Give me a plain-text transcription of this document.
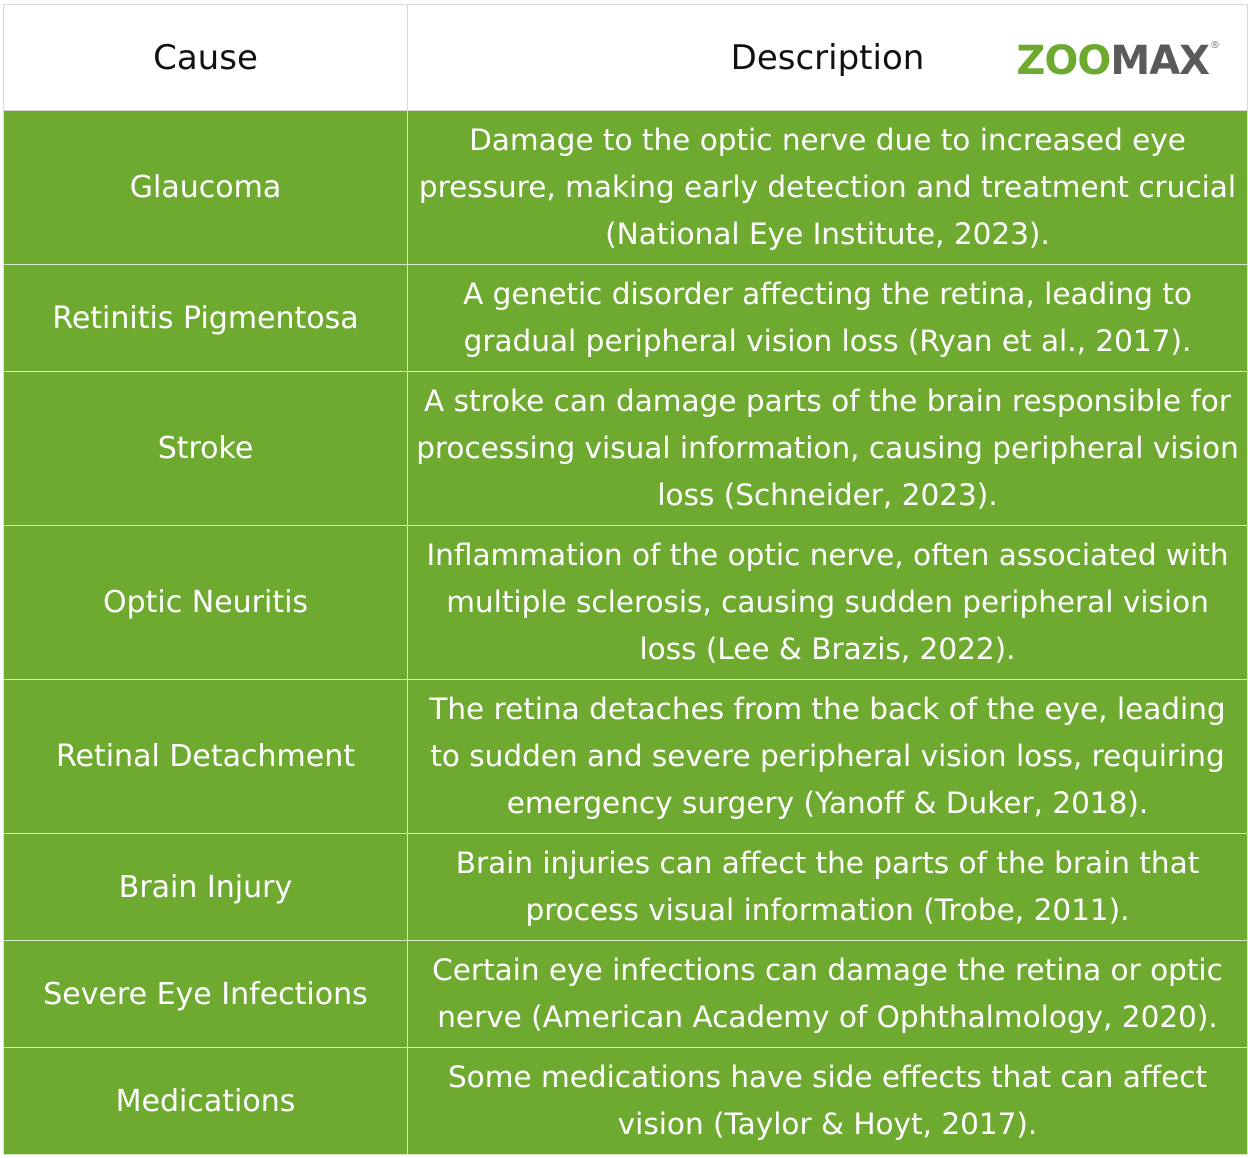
Cause	Description ZOO MAX ®

Glaucoma	Damage to the optic nerve due to increased eye pressure, making early detection and treatment crucial (National Eye Institute, 2023).
Retinitis Pigmentosa	A genetic disorder affecting the retina, leading to gradual peripheral vision loss (Ryan et al., 2017).
Stroke	A stroke can damage parts of the brain responsible for processing visual information, causing peripheral vision loss (Schneider, 2023).
Optic Neuritis	Inflammation of the optic nerve, often associated with multiple sclerosis, causing sudden peripheral vision loss (Lee & Brazis, 2022).
Retinal Detachment	The retina detaches from the back of the eye, leading to sudden and severe peripheral vision loss, requiring emergency surgery (Yanoff & Duker, 2018).
Brain Injury	Brain injuries can affect the parts of the brain that process visual information (Trobe, 2011).
Severe Eye Infections	Certain eye infections can damage the retina or optic nerve (American Academy of Ophthalmology, 2020).
Medications	Some medications have side effects that can affect vision (Taylor & Hoyt, 2017).
